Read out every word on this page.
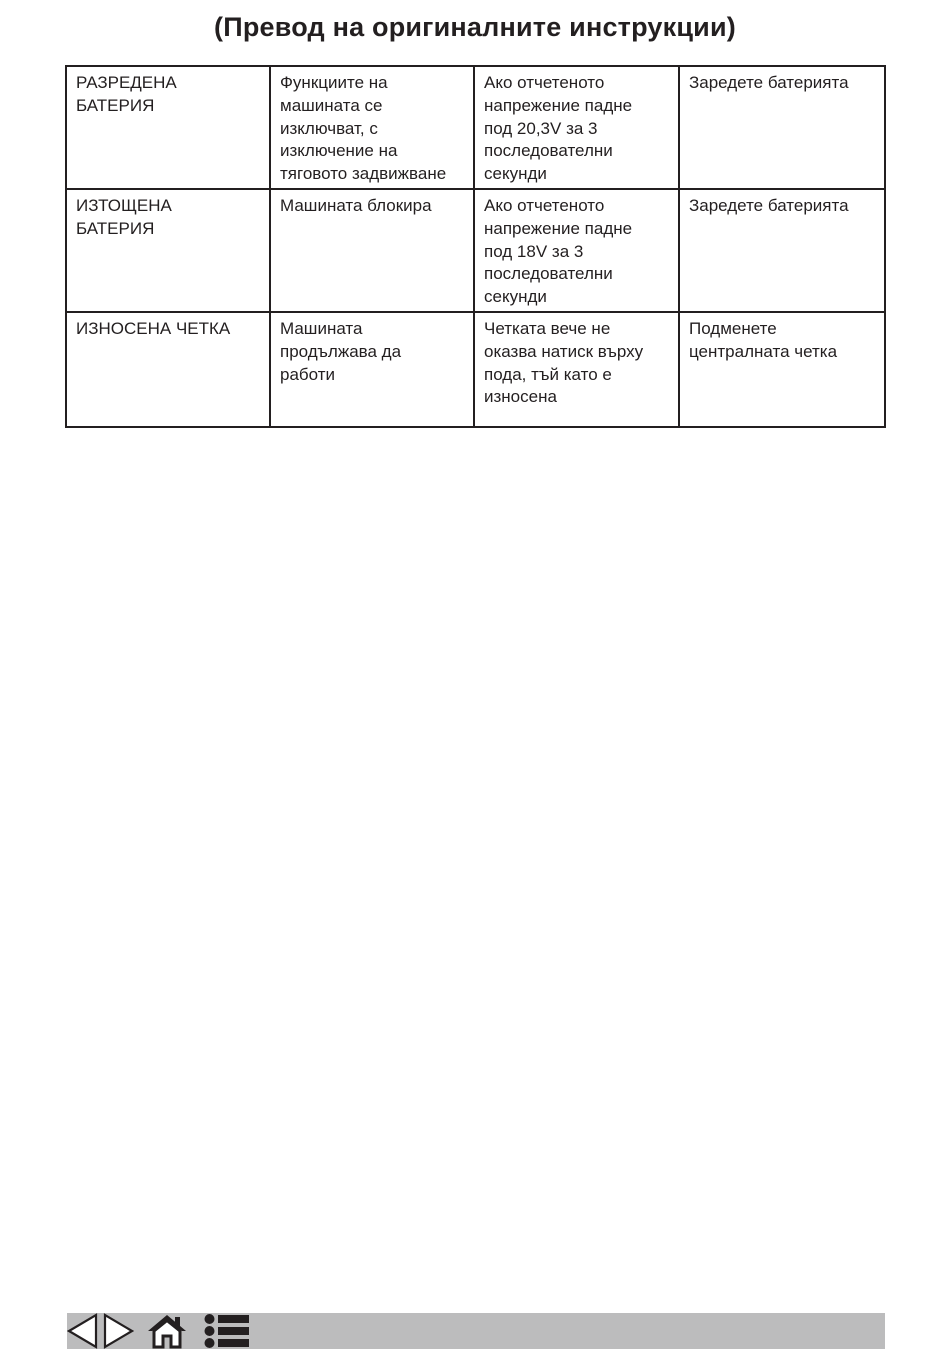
(Превод на оригиналните инструкции)
РАЗРЕДЕНА
БАТЕРИЯ	Функциите на
машината се
изключват, с
изключение на
тяговото задвижване	Ако отчетеното
напрежение падне
под 20,3V за 3
последователни
секунди	Заредете батерията

ИЗТОЩЕНА
БАТЕРИЯ	Машината блокира	Ако отчетеното
напрежение падне
под 18V за 3
последователни
секунди	Заредете батерията

ИЗНОСЕНА ЧЕТКА	Машината
продължава да
работи	Четката вече не
оказва натиск върху
пода, тъй като е
износена	Подменете
централната четка
